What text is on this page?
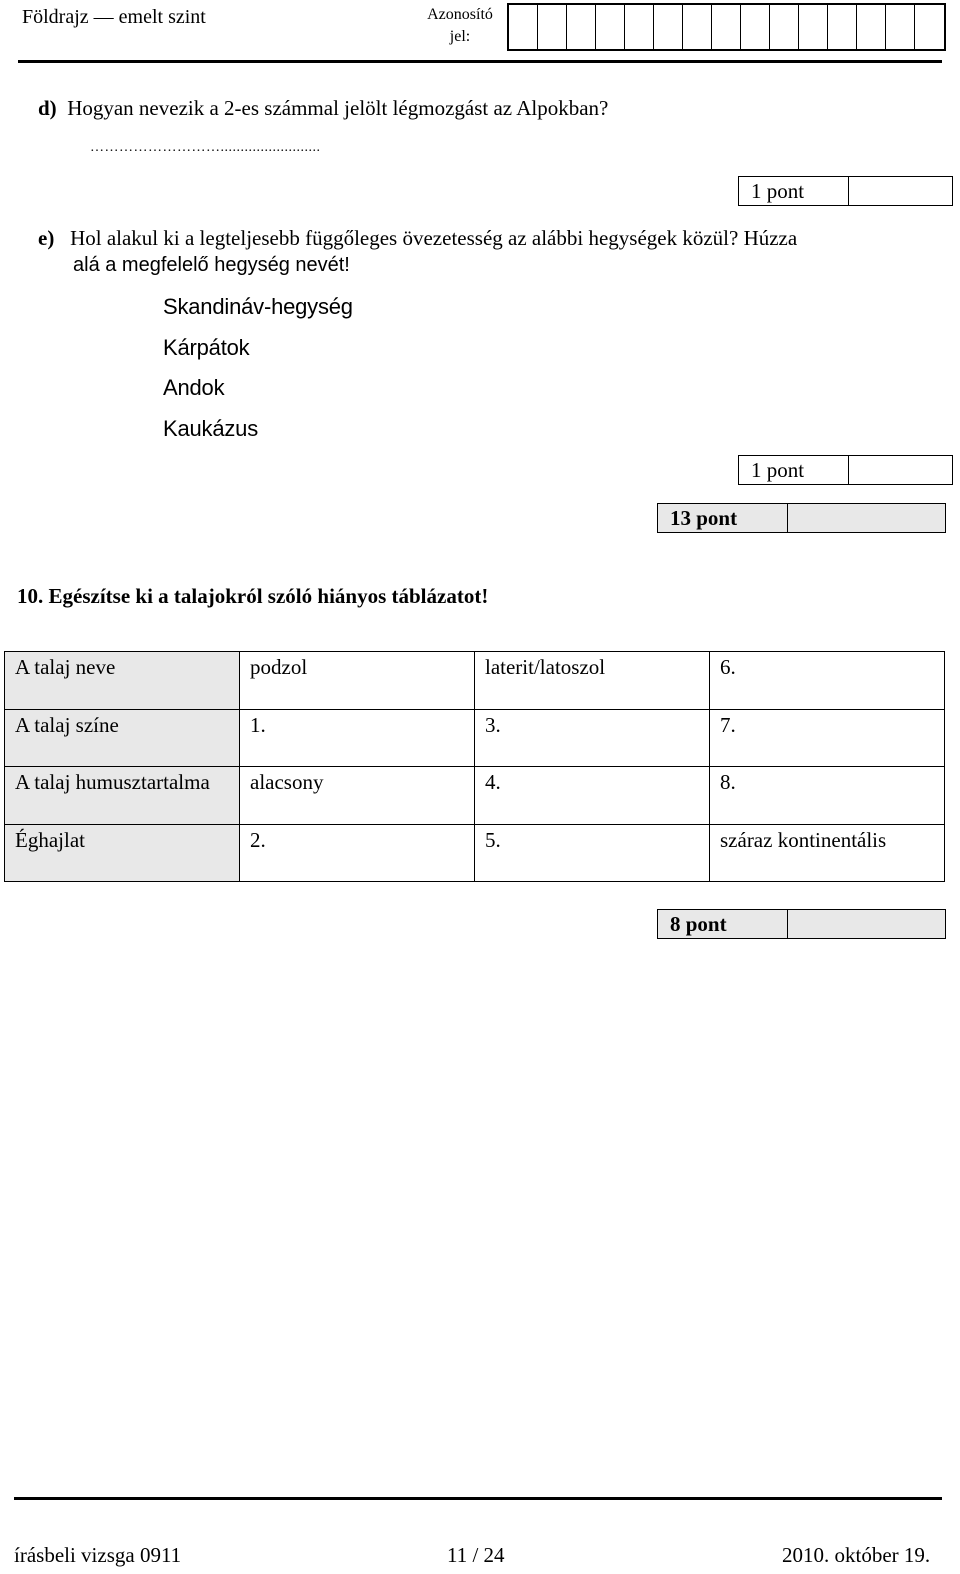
Földrajz — emelt szint	Azonosító jel:
d) Hogyan nevezik a 2-es számmal jelölt légmozgást az Alpokban?
……………………….........................
1 pont
e) Hol alakul ki a legteljesebb függőleges övezetesség az alábbi hegységek közül? Húzza
alá a megfelelő hegység nevét!
Skandináv-hegység
Kárpátok
Andok
Kaukázus
1 pont
13 pont
10. Egészítse ki a talajokról szóló hiányos táblázatot!
A talaj neve	podzol	laterit/latoszol	6.
A talaj színe	1.	3.	7.
A talaj humusztartalma	alacsony	4.	8.
Éghajlat	2.	5.	száraz kontinentális
8 pont
írásbeli vizsga 0911	11 / 24	2010. október 19.
